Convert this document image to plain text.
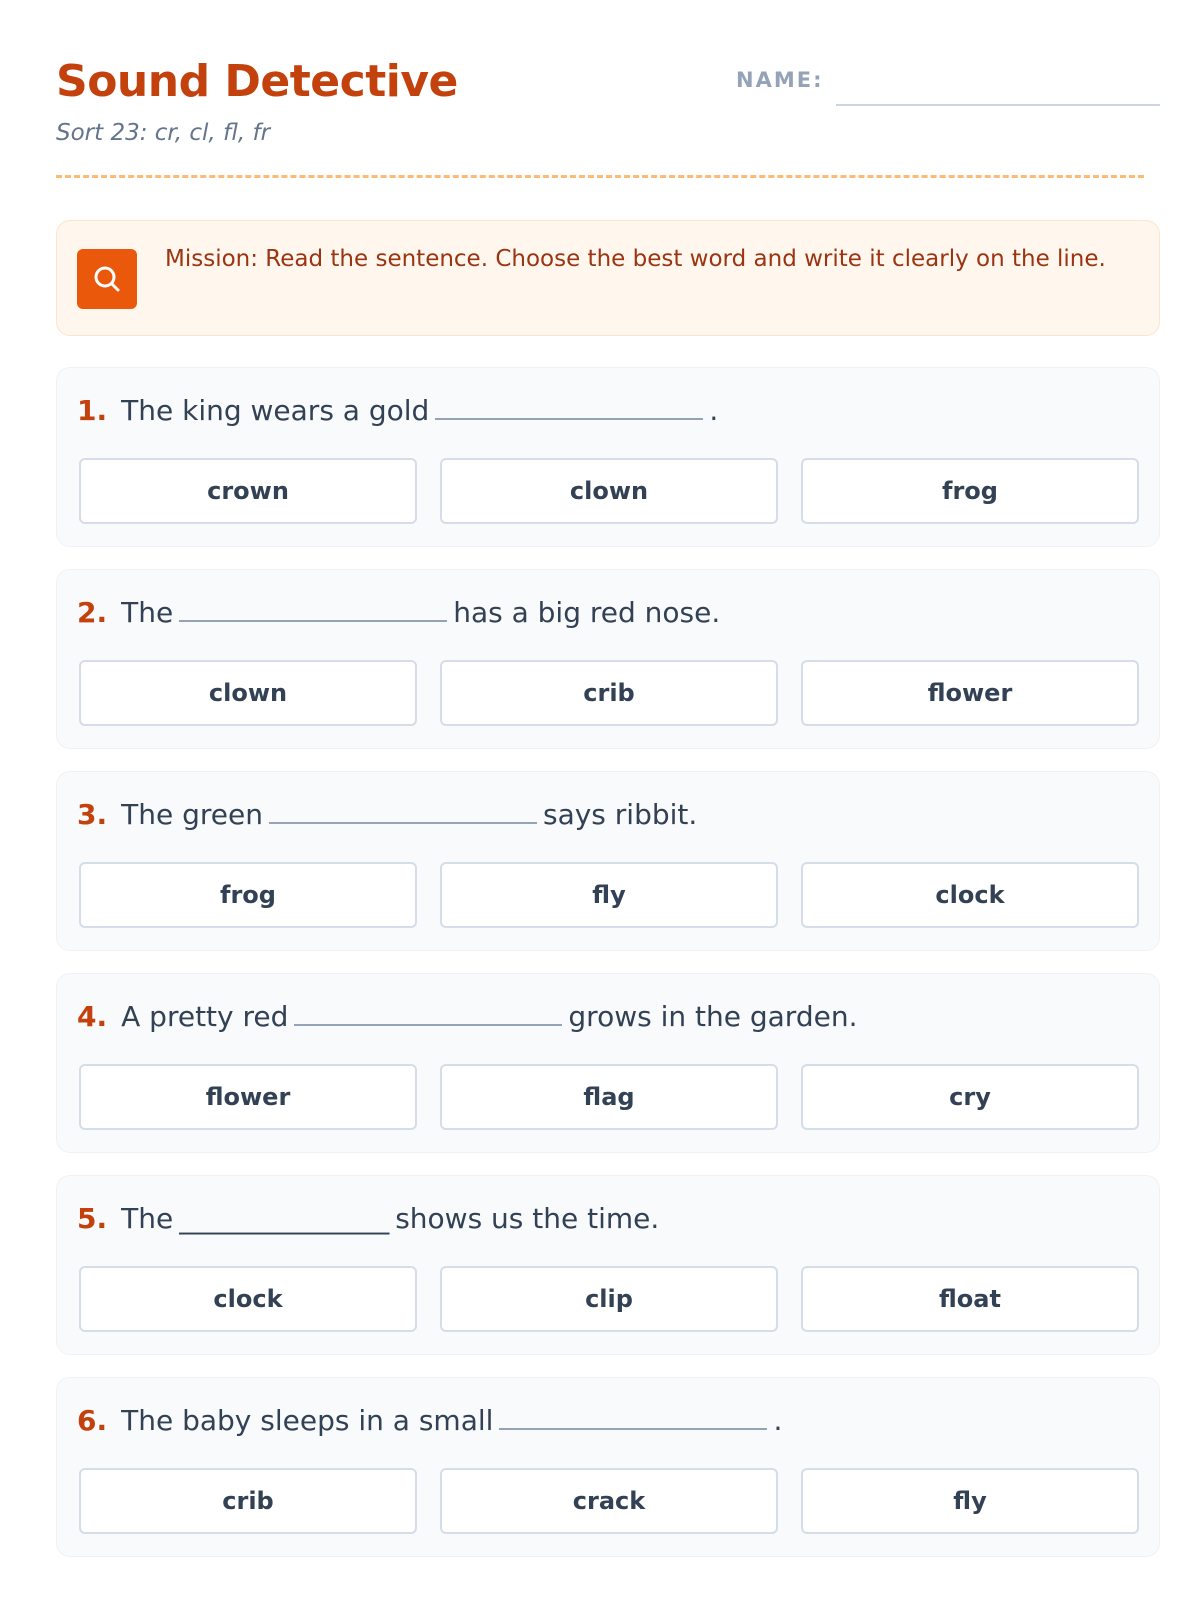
Sound Detective
Sort 23: cr, cl, fl, fr
NAME:
Mission: Read the sentence. Choose the best word and write it clearly on the line.
1. The king wears a gold	.
crown	clown	frog
2. The	has a big red nose.
clown	crib	flower
3. The green	says ribbit.
frog	fly	clock
4. A pretty red	grows in the garden.
flower	flag	cry
5. The _______________ shows us the time.
clock	clip	float
6. The baby sleeps in a small	.
crib	crack	fly
